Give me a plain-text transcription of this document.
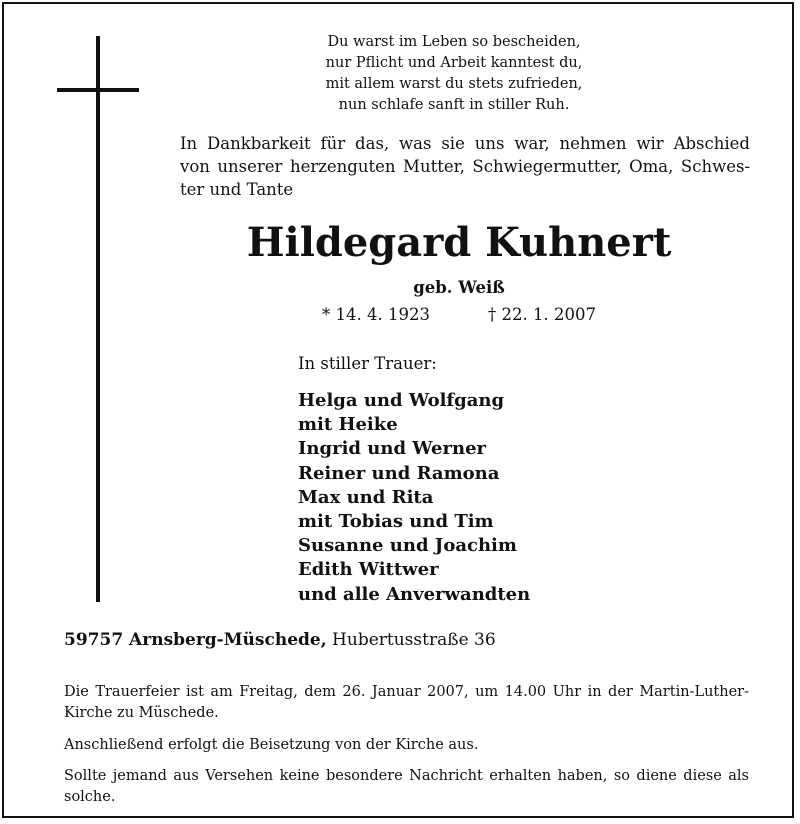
Du warst im Leben so bescheiden,
nur Pflicht und Arbeit kanntest du,
mit allem warst du stets zufrieden,
nun schlafe sanft in stiller Ruh.
In Dankbarkeit für das, was sie uns war, nehmen wir Abschied
von unserer herzenguten Mutter, Schwiegermutter, Oma, Schwes-
ter und Tante
Hildegard Kuhnert
geb. Weiß
* 14. 4. 1923	† 22. 1. 2007
In stiller Trauer:
Helga und Wolfgang
mit Heike
Ingrid und Werner
Reiner und Ramona
Max und Rita
mit Tobias und Tim
Susanne und Joachim
Edith Wittwer
und alle Anverwandten
59757 Arnsberg-Müschede, Hubertusstraße 36
Die Trauerfeier ist am Freitag, dem 26. Januar 2007, um 14.00 Uhr in der Martin-Luther-
Kirche zu Müschede.
Anschließend erfolgt die Beisetzung von der Kirche aus.
Sollte jemand aus Versehen keine besondere Nachricht erhalten haben, so diene diese als
solche.
